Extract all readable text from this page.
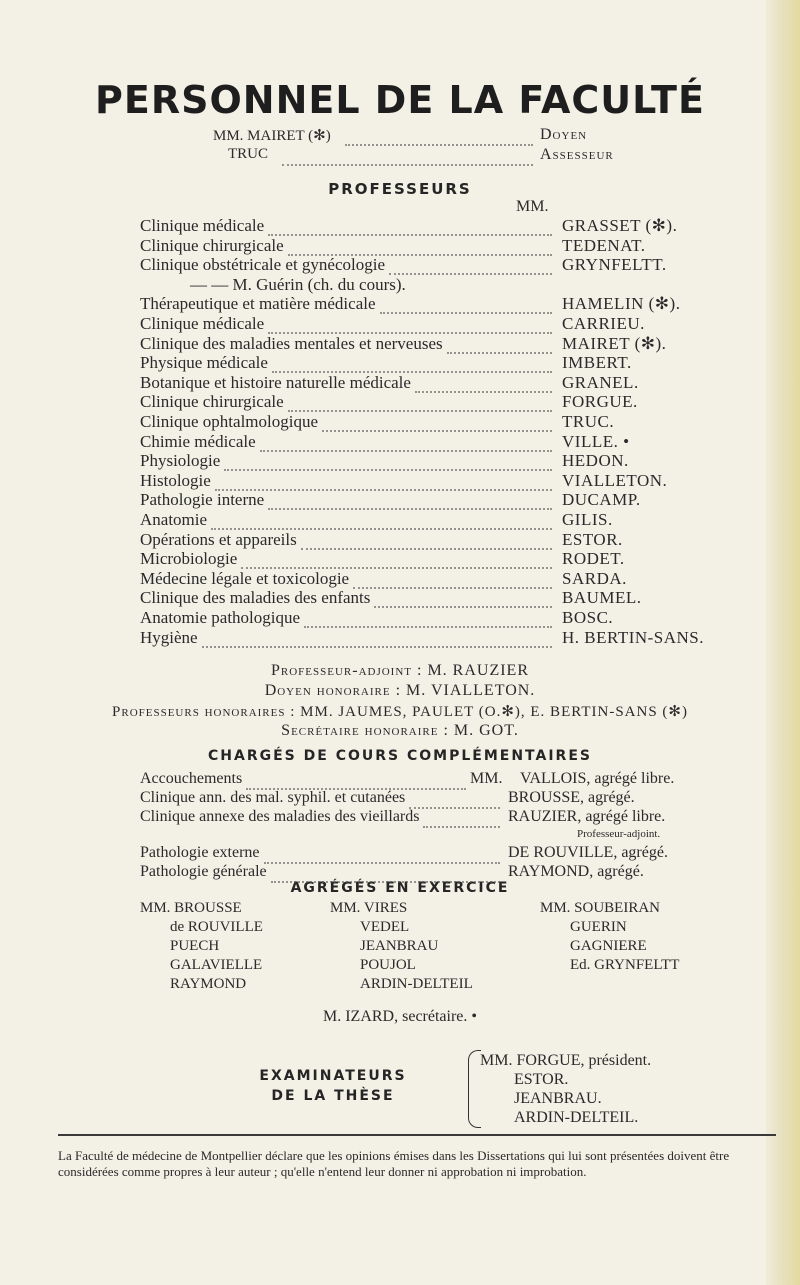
PERSONNEL DE LA FACULTÉ
MM. MAIRET (✻)	Doyen
TRUC	Assesseur
PROFESSEURS
MM.
Professeur-adjoint : M. RAUZIER
Doyen honoraire : M. VIALLETON.
Professeurs honoraires : MM. JAUMES, PAULET (O.✻), E. BERTIN-SANS (✻)
Secrétaire honoraire : M. GOT.
CHARGÉS DE COURS COMPLÉMENTAIRES
MM.
Professeur-adjoint.
AGRÉGÉS EN EXERCICE
M. IZARD, secrétaire. •
EXAMINATEURS
DE LA THÈSE
La Faculté de médecine de Montpellier déclare que les opinions émises dans les Dissertations qui lui sont présentées doivent être considérées comme propres à leur auteur ; qu'elle n'entend leur donner ni approbation ni improbation.
Clinique médicale	GRASSET (✻).
Clinique chirurgicale	TEDENAT.
Clinique obstétricale et gynécologie	GRYNFELTT.
— — M. Guérin (ch. du cours).
Thérapeutique et matière médicale	HAMELIN (✻).
Clinique médicale	CARRIEU.
Clinique des maladies mentales et nerveuses	MAIRET (✻).
Physique médicale	IMBERT.
Botanique et histoire naturelle médicale	GRANEL.
Clinique chirurgicale	FORGUE.
Clinique ophtalmologique	TRUC.
Chimie médicale	VILLE. •
Physiologie	HEDON.
Histologie	VIALLETON.
Pathologie interne	DUCAMP.
Anatomie	GILIS.
Opérations et appareils	ESTOR.
Microbiologie	RODET.
Médecine légale et toxicologie	SARDA.
Clinique des maladies des enfants	BAUMEL.
Anatomie pathologique	BOSC.
Hygiène	H. BERTIN-SANS.
Accouchements	VALLOIS, agrégé libre.
Clinique ann. des mal. syphil. et cutanées	BROUSSE, agrégé.
Clinique annexe des maladies des vieillards	RAUZIER, agrégé libre.
Pathologie externe	DE ROUVILLE, agrégé.
Pathologie générale	RAYMOND, agrégé.
MM. BROUSSE
de ROUVILLE
PUECH
GALAVIELLE
RAYMOND
MM. VIRES
VEDEL
JEANBRAU
POUJOL
ARDIN-DELTEIL
MM. SOUBEIRAN
GUERIN
GAGNIERE
Ed. GRYNFELTT
MM. FORGUE, président.
ESTOR.
JEANBRAU.
ARDIN-DELTEIL.
